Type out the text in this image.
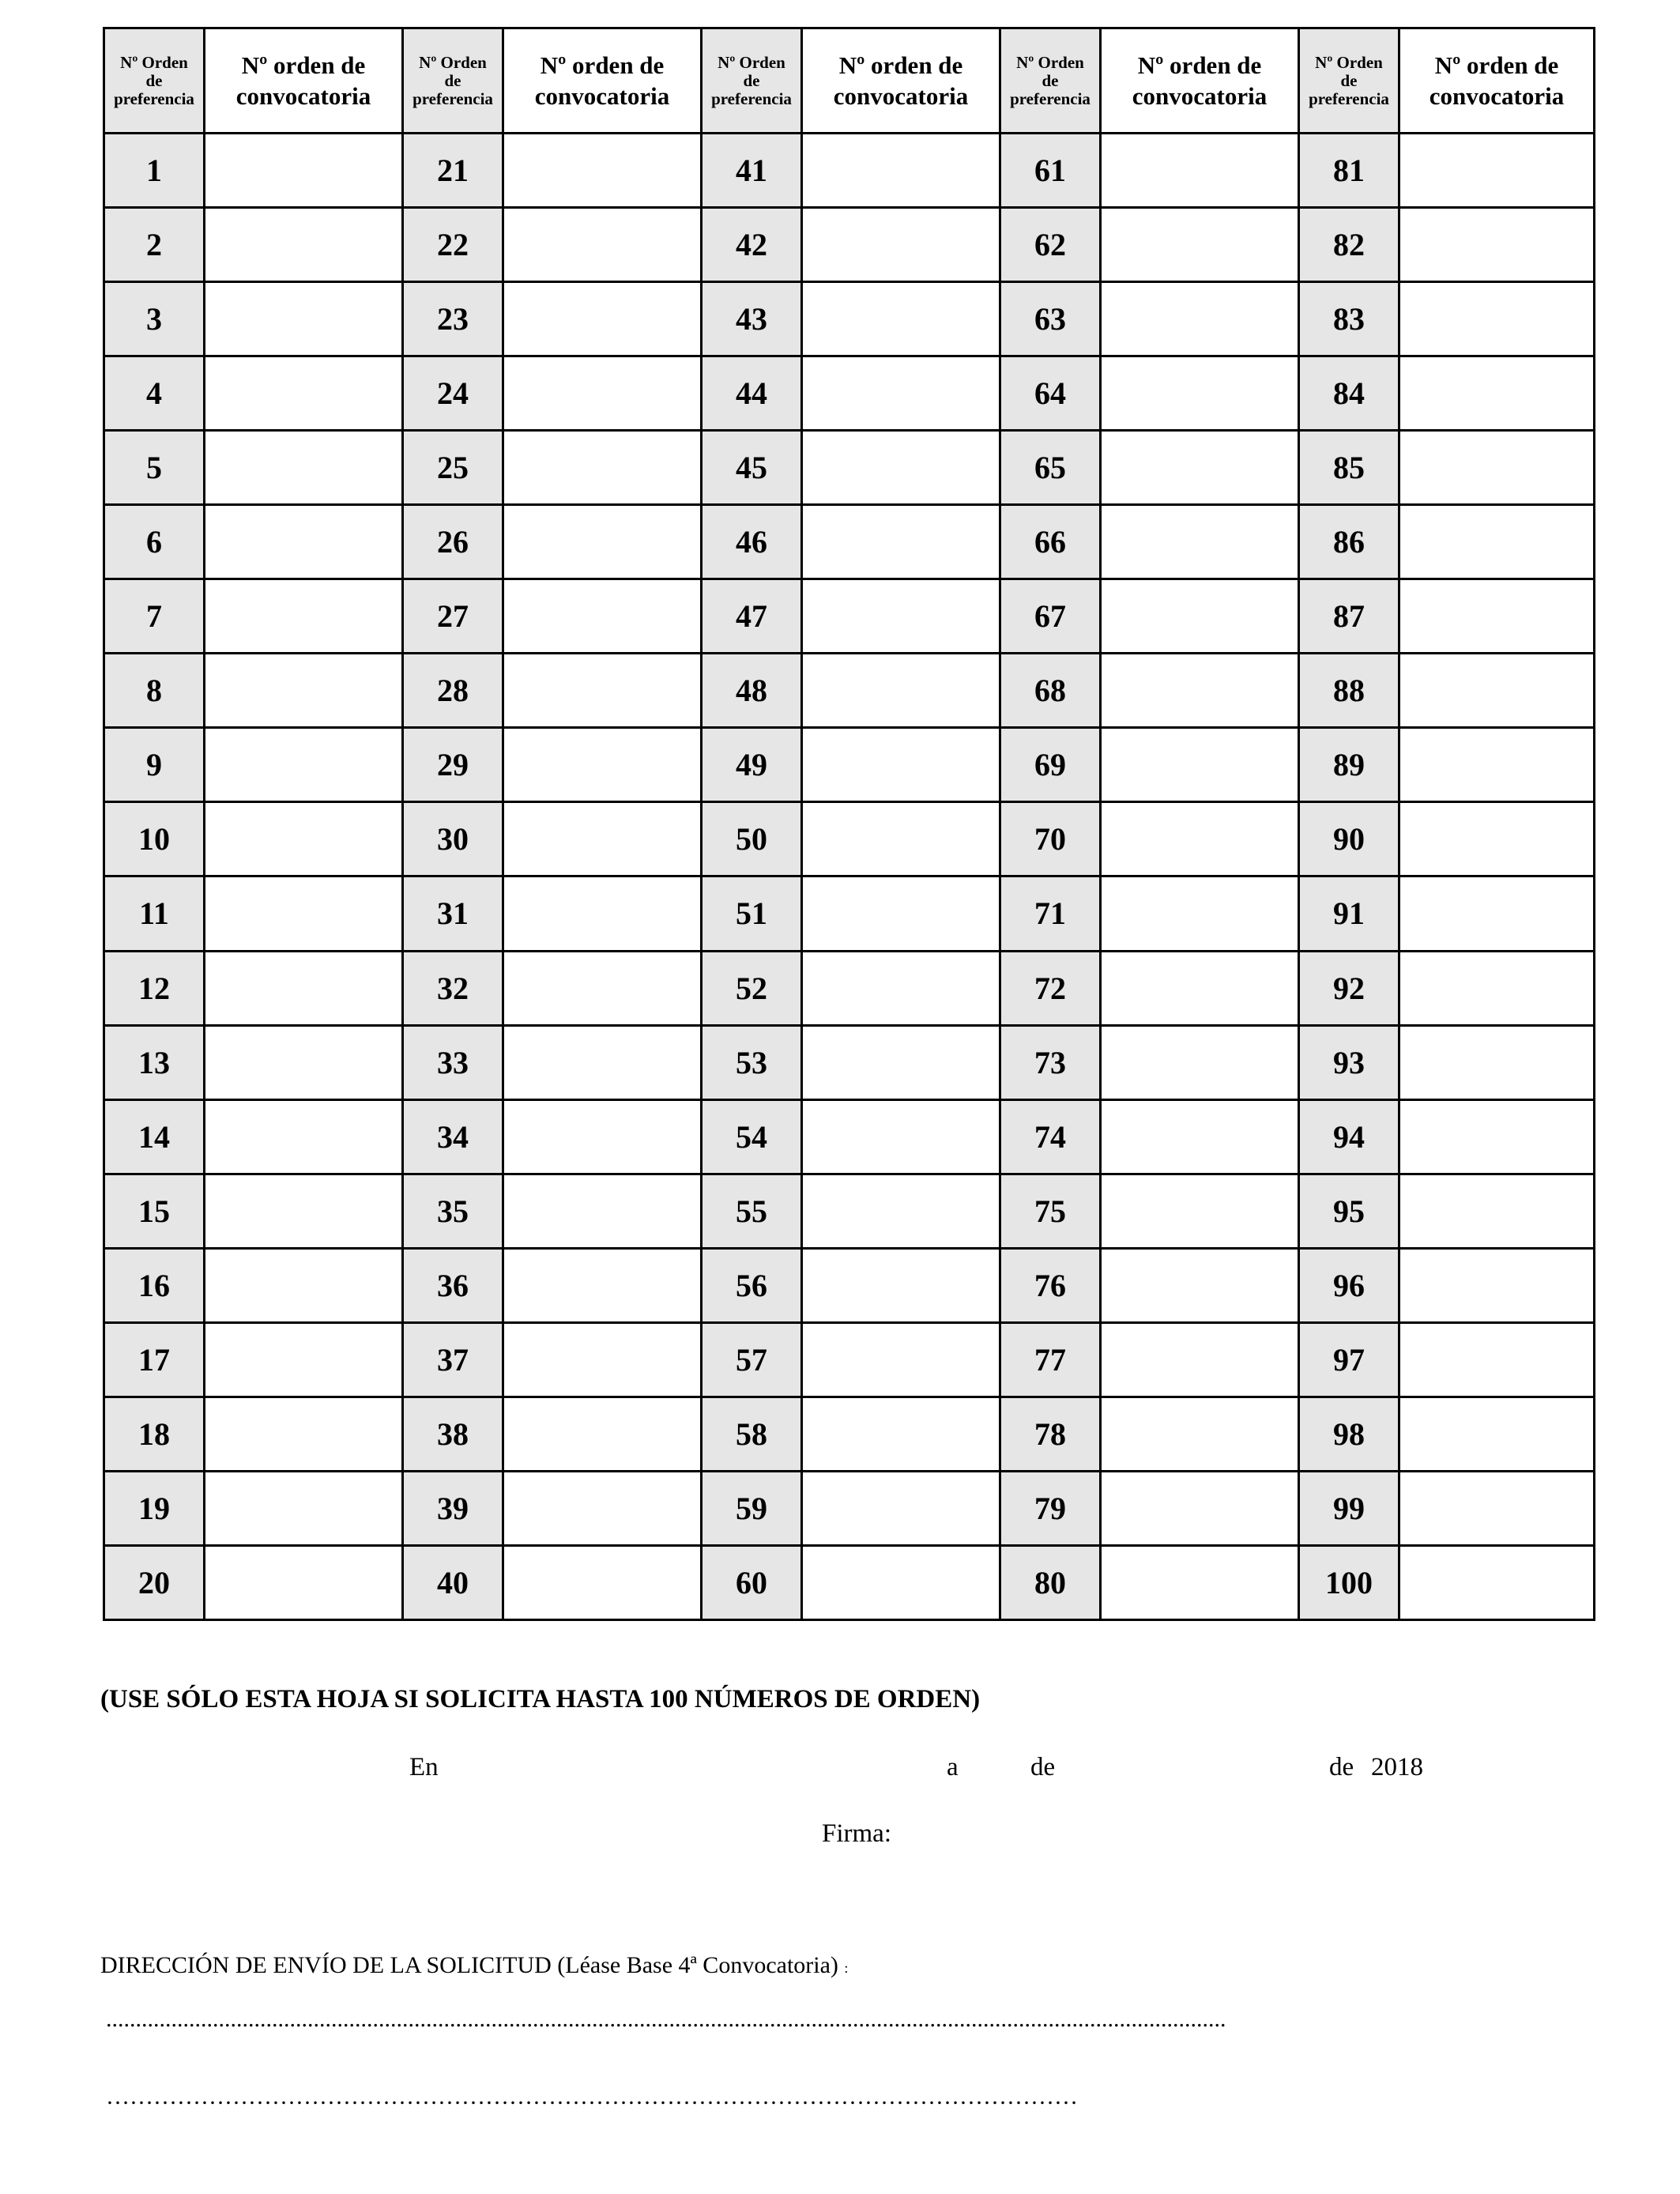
Nº Orden
de
preferencia	Nº orden de
convocatoria	Nº Orden
de
preferencia	Nº orden de
convocatoria	Nº Orden
de
preferencia	Nº orden de
convocatoria	Nº Orden
de
preferencia	Nº orden de
convocatoria	Nº Orden
de
preferencia	Nº orden de
convocatoria

1		21		41		61		81	
2		22		42		62		82	
3		23		43		63		83	
4		24		44		64		84	
5		25		45		65		85	
6		26		46		66		86	
7		27		47		67		87	
8		28		48		68		88	
9		29		49		69		89	
10		30		50		70		90	
11		31		51		71		91	
12		32		52		72		92	
13		33		53		73		93	
14		34		54		74		94	
15		35		55		75		95	
16		36		56		76		96	
17		37		57		77		97	
18		38		58		78		98	
19		39		59		79		99	
20		40		60		80		100	
(USE SÓLO ESTA HOJA SI SOLICITA HASTA 100 NÚMEROS DE ORDEN)
En	a	de	de 2018
Firma:
DIRECCIÓN DE ENVÍO DE LA SOLICITUD (Léase Base 4ª Convocatoria) :
.............................................................................................................................................................................................
……………………………………………………………………………………………………………
